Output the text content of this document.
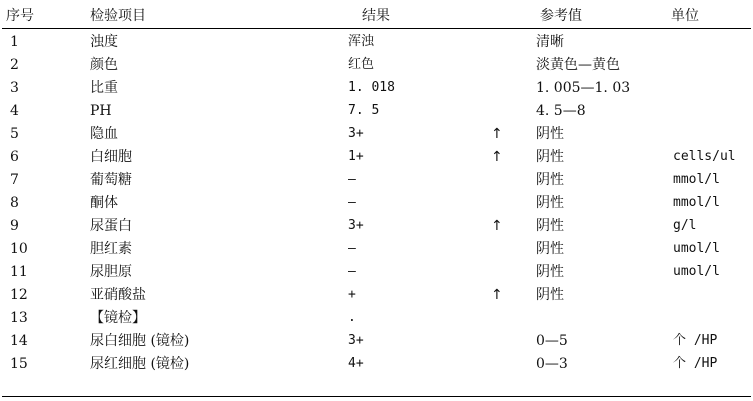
序号	检验项目	结果	参考值	单位
1	浊度	浑浊	清晰
2	颜色	红色	淡黄色—黄色
3	比重	1. 018	1. 005—1. 03
4	PH	7. 5	4. 5—8
5	隐血	3+	↑ 阴性
6	白细胞	1+	↑ 阴性	cells/ul
7	葡萄糖	—	阴性	mmol/l
8	酮体	—	阴性	mmol/l
9	尿蛋白	3+	↑ 阴性	g/l
10	胆红素	—	阴性	umol/l
11	尿胆原	—	阴性	umol/l
12	亚硝酸盐	+	↑ 阴性
13	【镜检】	.
14	尿白细胞 (镜检)	3+	0—5	个 /HP
15	尿红细胞 (镜检)	4+	0—3	个 /HP
